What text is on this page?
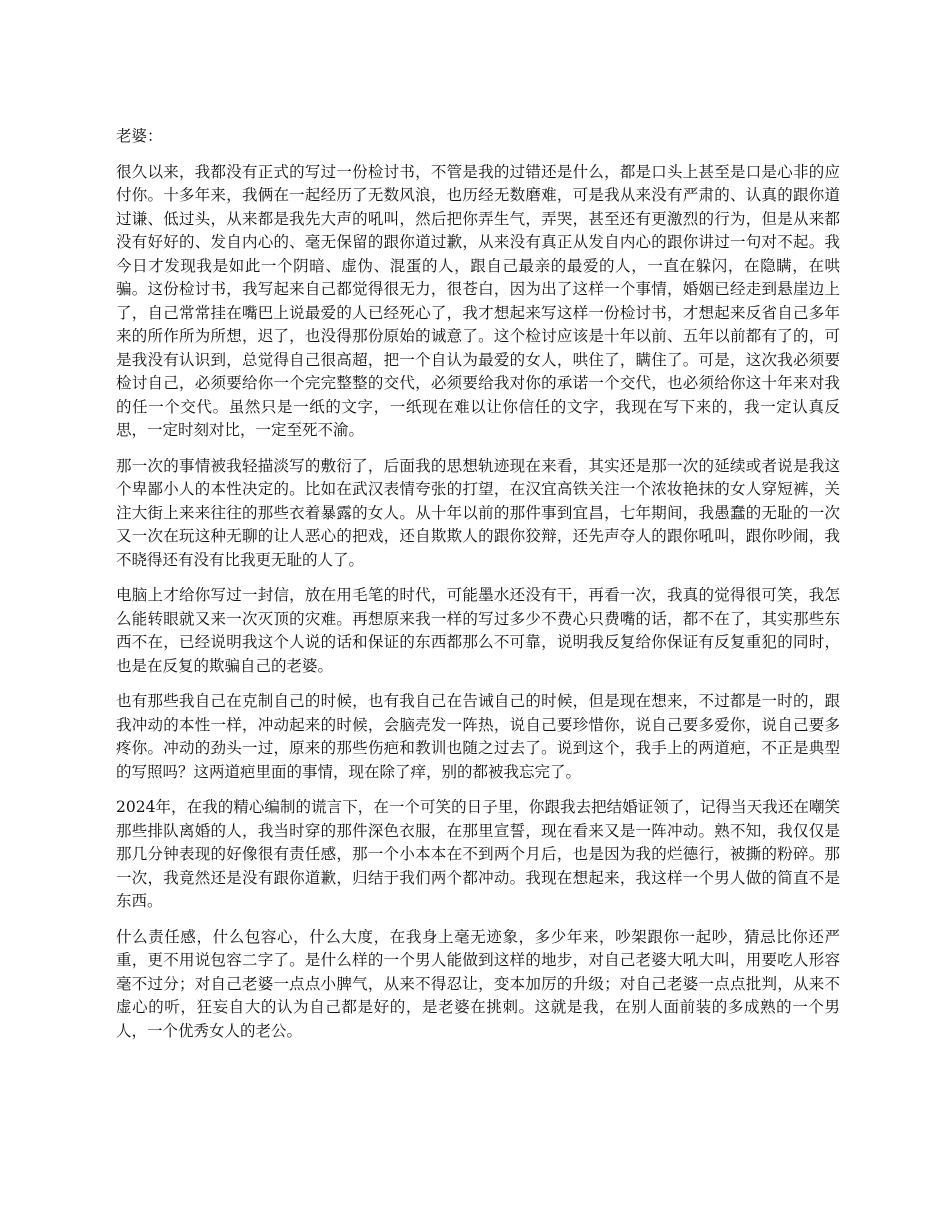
老婆：

很久以来，我都没有正式的写过一份检讨书，不管是我的过错还是什么，都是口头上甚至是口是心非的应付你。十多年来，我俩在一起经历了无数风浪，也历经无数磨难，可是我从来没有严肃的、认真的跟你道过谦、低过头，从来都是我先大声的吼叫，然后把你弄生气，弄哭，甚至还有更激烈的行为，但是从来都没有好好的、发自内心的、毫无保留的跟你道过歉，从来没有真正从发自内心的跟你讲过一句对不起。我今日才发现我是如此一个阴暗、虚伪、混蛋的人，跟自己最亲的最爱的人，一直在躲闪，在隐瞒，在哄骗。这份检讨书，我写起来自己都觉得很无力，很苍白，因为出了这样一个事情，婚姻已经走到悬崖边上了，自己常常挂在嘴巴上说最爱的人已经死心了，我才想起来写这样一份检讨书，才想起来反省自己多年来的所作所为所想，迟了，也没得那份原始的诚意了。这个检讨应该是十年以前、五年以前都有了的，可是我没有认识到，总觉得自己很高超，把一个自认为最爱的女人，哄住了，瞒住了。可是，这次我必须要检讨自己，必须要给你一个完完整整的交代，必须要给我对你的承诺一个交代，也必须给你这十年来对我的任一个交代。虽然只是一纸的文字，一纸现在难以让你信任的文字，我现在写下来的，我一定认真反思，一定时刻对比，一定至死不渝。

那一次的事情被我轻描淡写的敷衍了，后面我的思想轨迹现在来看，其实还是那一次的延续或者说是我这个卑鄙小人的本性决定的。比如在武汉表情夸张的打望，在汉宜高铁关注一个浓妆艳抹的女人穿短裤，关注大街上来来往往的那些衣着暴露的女人。从十年以前的那件事到宜昌，七年期间，我愚蠢的无耻的一次又一次在玩这种无聊的让人恶心的把戏，还自欺欺人的跟你狡辩，还先声夺人的跟你吼叫，跟你吵闹，我不晓得还有没有比我更无耻的人了。

电脑上才给你写过一封信，放在用毛笔的时代，可能墨水还没有干，再看一次，我真的觉得很可笑，我怎么能转眼就又来一次灭顶的灾难。再想原来我一样的写过多少不费心只费嘴的话，都不在了，其实那些东西不在，已经说明我这个人说的话和保证的东西都那么不可靠，说明我反复给你保证有反复重犯的同时，也是在反复的欺骗自己的老婆。

也有那些我自己在克制自己的时候，也有我自己在告诫自己的时候，但是现在想来，不过都是一时的，跟我冲动的本性一样，冲动起来的时候，会脑壳发一阵热，说自己要珍惜你，说自己要多爱你，说自己要多疼你。冲动的劲头一过，原来的那些伤疤和教训也随之过去了。说到这个，我手上的两道疤，不正是典型的写照吗？这两道疤里面的事情，现在除了痒，别的都被我忘完了。

2024年，在我的精心编制的谎言下，在一个可笑的日子里，你跟我去把结婚证领了，记得当天我还在嘲笑那些排队离婚的人，我当时穿的那件深色衣服，在那里宣誓，现在看来又是一阵冲动。熟不知，我仅仅是那几分钟表现的好像很有责任感，那一个小本本在不到两个月后，也是因为我的烂德行，被撕的粉碎。那一次，我竟然还是没有跟你道歉，归结于我们两个都冲动。我现在想起来，我这样一个男人做的简直不是东西。

什么责任感，什么包容心，什么大度，在我身上毫无迹象，多少年来，吵架跟你一起吵，猜忌比你还严重，更不用说包容二字了。是什么样的一个男人能做到这样的地步，对自己老婆大吼大叫，用要吃人形容毫不过分；对自己老婆一点点小脾气，从来不得忍让，变本加厉的升级；对自己老婆一点点批判，从来不虚心的听，狂妄自大的认为自己都是好的，是老婆在挑刺。这就是我，在别人面前装的多成熟的一个男人，一个优秀女人的老公。
